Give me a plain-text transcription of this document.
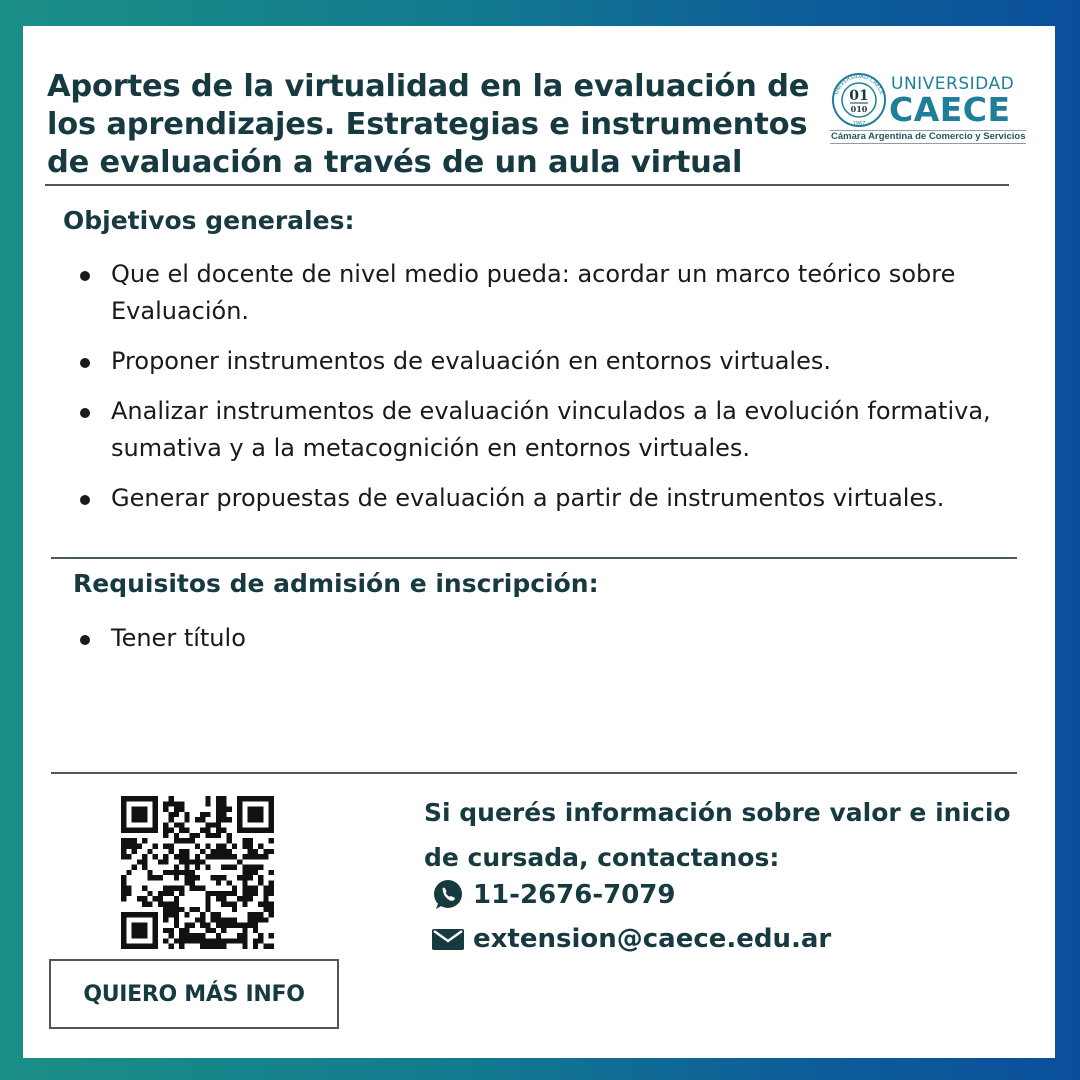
Aportes de la virtualidad en la evaluación de los aprendizajes. Estrategias e instrumentos de evaluación a través de un aula virtual
01
010
1967
UNIVERSIDAD CAECE UNIVERSIDAD
CAECE
Cámara Argentina de Comercio y Servicios
Objetivos generales:
Que el docente de nivel medio pueda: acordar un marco teórico sobre Evaluación.
Proponer instrumentos de evaluación en entornos virtuales.
Analizar instrumentos de evaluación vinculados a la evolución formativa, sumativa y a la metacognición en entornos virtuales.
Generar propuestas de evaluación a partir de instrumentos virtuales.
Requisitos de admisión e inscripción:
Tener título
QUIERO MÁS INFO

Si querés información sobre valor e inicio de cursada, contactanos:

11-2676-7079
extension@caece.edu.ar
